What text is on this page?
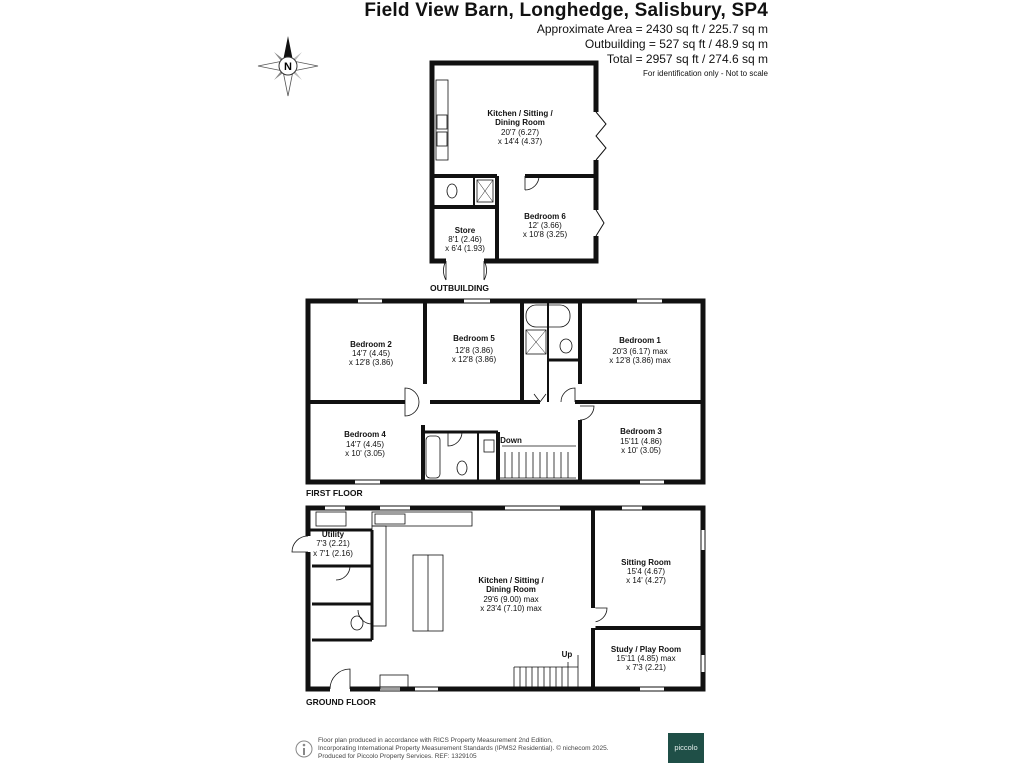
Field View Barn, Longhedge, Salisbury, SP4
Approximate Area = 2430 sq ft / 225.7 sq m
Outbuilding = 527 sq ft / 48.9 sq m
Total = 2957 sq ft / 274.6 sq m
For identification only - Not to scale
N
Kitchen / Sitting /
Dining Room
20'7 (6.27)
x 14'4 (4.37)
Store
8'1 (2.46)
x 6'4 (1.93)
Bedroom 6
12' (3.66)
x 10'8 (3.25)
OUTBUILDING
Bedroom 2
14'7 (4.45)
x 12'8 (3.86)
Bedroom 5
12'8 (3.86)
x 12'8 (3.86)
Bedroom 1
20'3 (6.17) max
x 12'8 (3.86) max
Bedroom 4
14'7 (4.45)
x 10' (3.05)
Bedroom 3
15'11 (4.86)
x 10' (3.05)
Down
FIRST FLOOR
Utility
7'3 (2.21)
x 7'1 (2.16)
Kitchen / Sitting /
Dining Room
29'6 (9.00) max
x 23'4 (7.10) max
Sitting Room
15'4 (4.67)
x 14' (4.27)
Study / Play Room
15'11 (4.85) max
x 7'3 (2.21)
Up
GROUND FLOOR
Floor plan produced in accordance with RICS Property Measurement 2nd Edition,
Incorporating International Property Measurement Standards (IPMS2 Residential). © nichecom 2025.
Produced for Piccolo Property Services. REF: 1329105
piccolo
